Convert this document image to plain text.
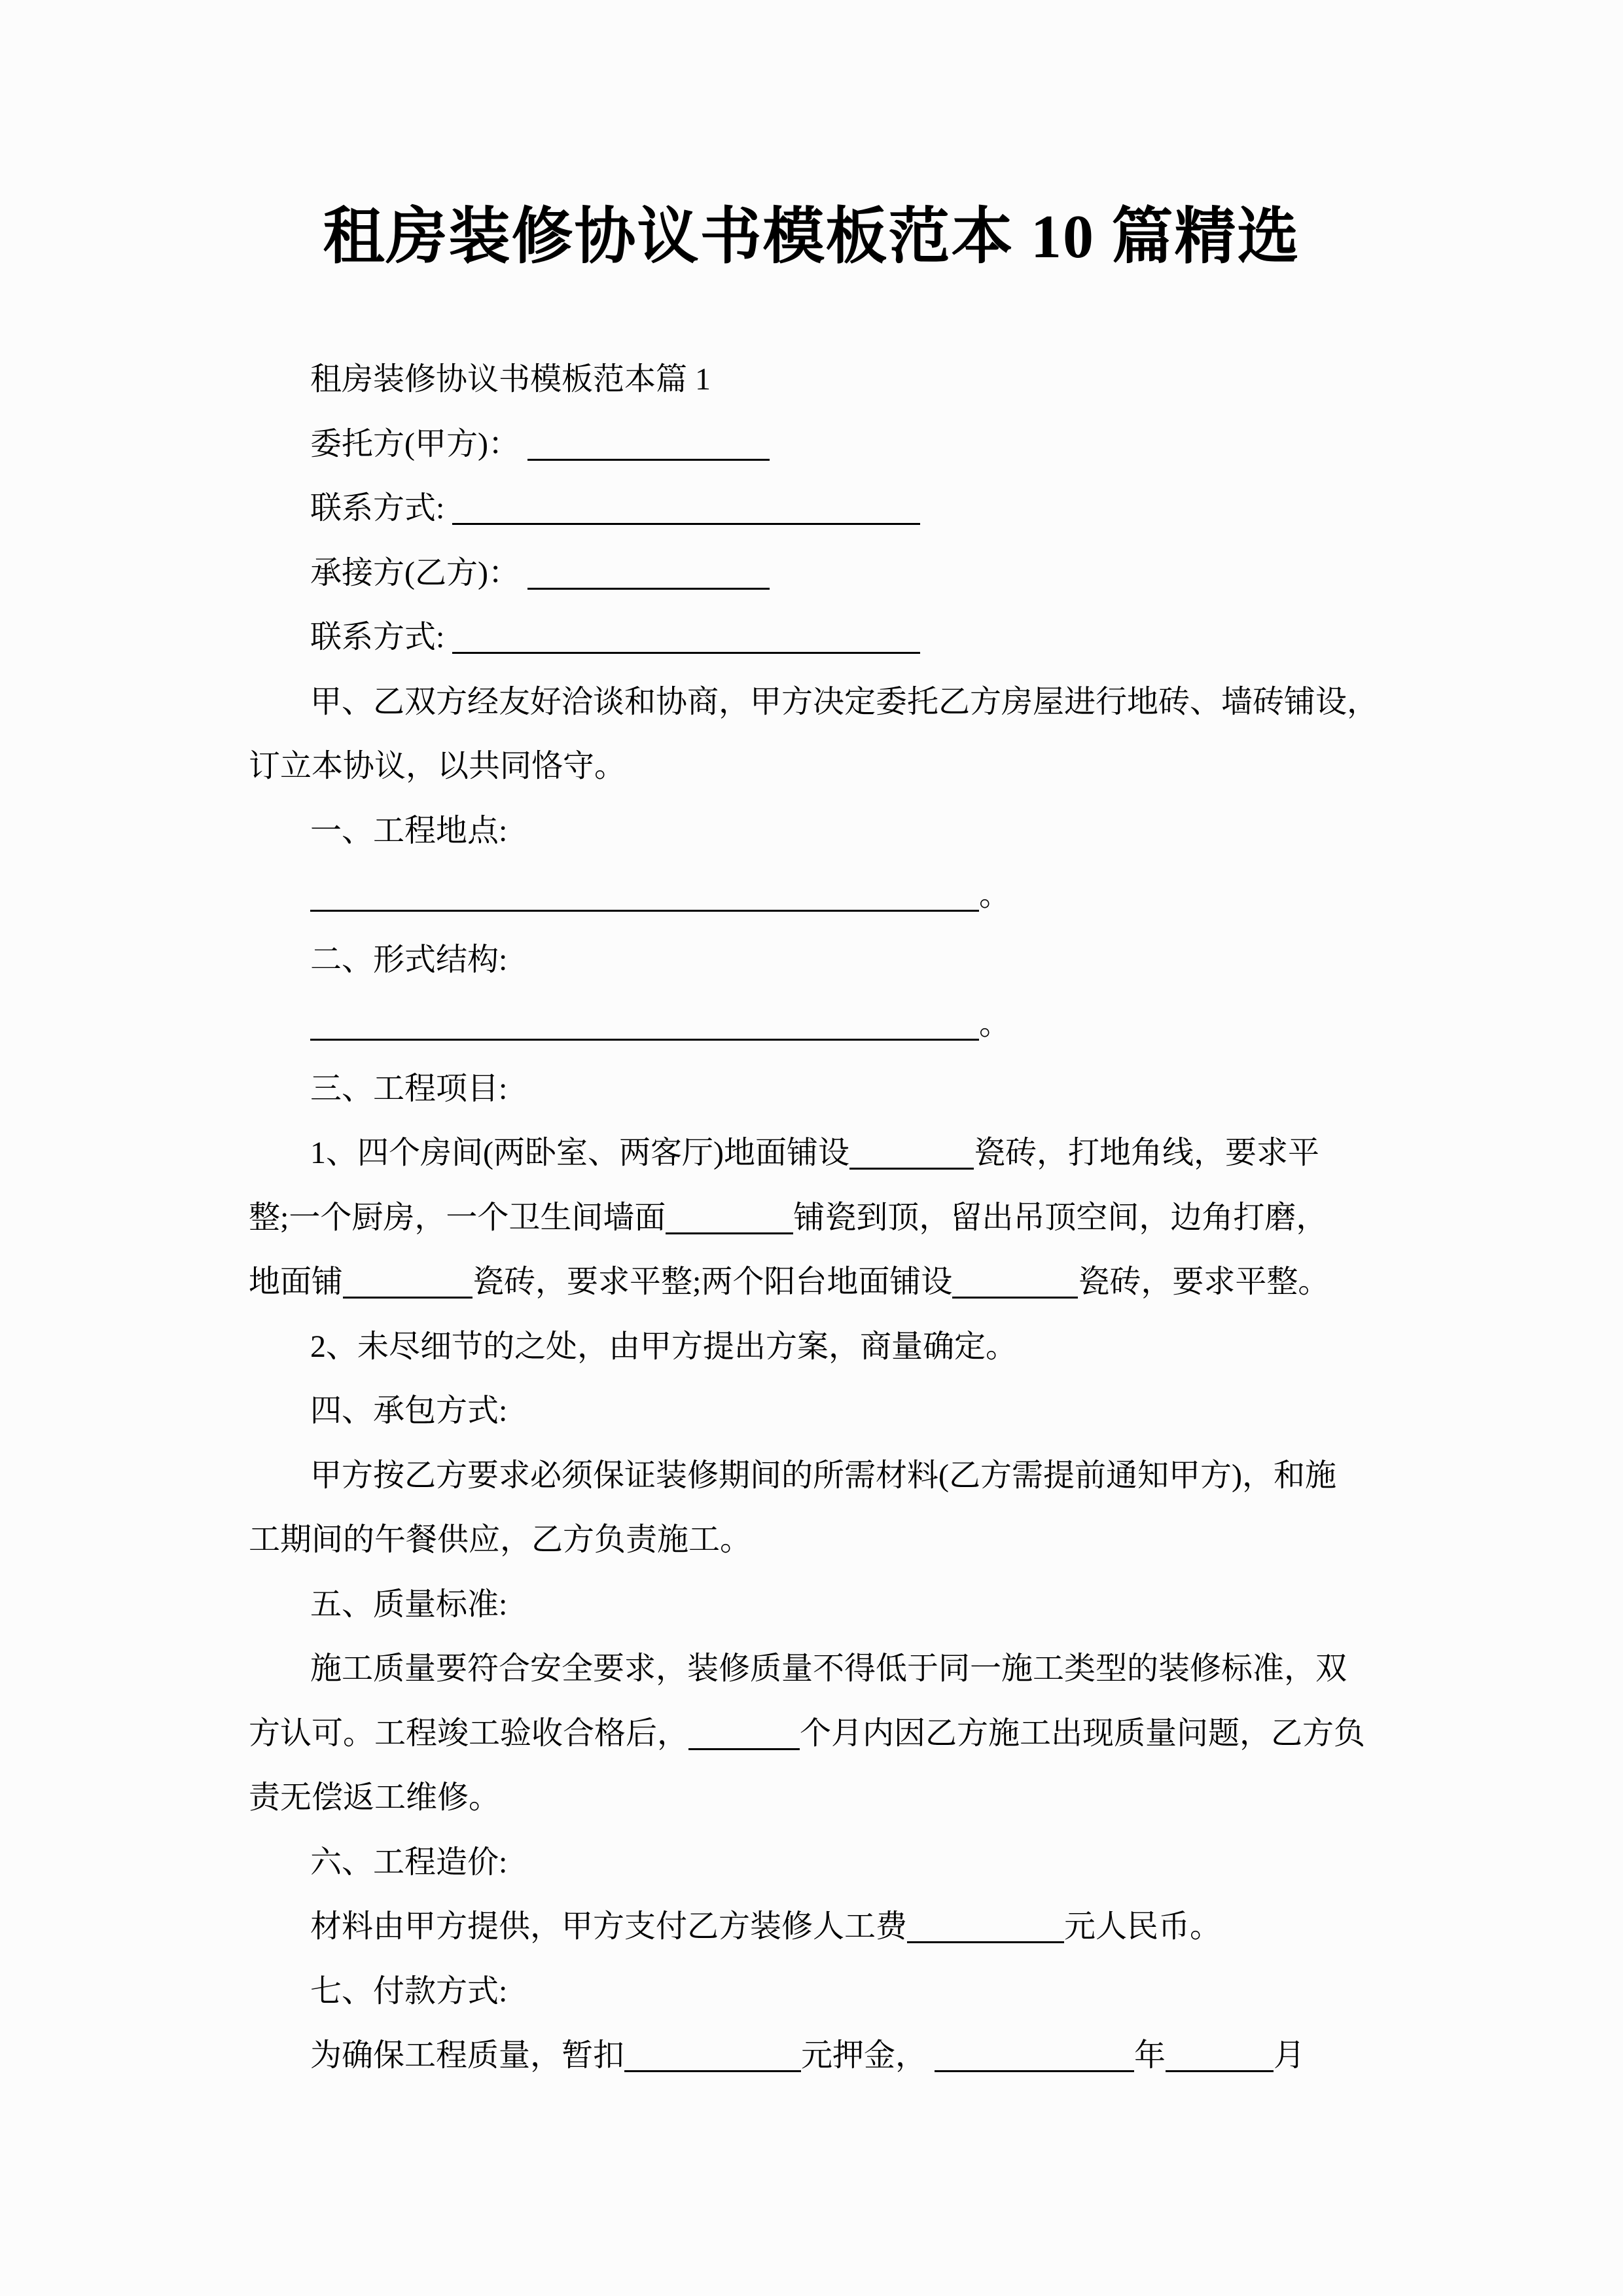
租房装修协议书模板范本 10 篇精选
租房装修协议书模板范本篇 1
委托方(甲方)：
联系方式:
承接方(乙方)：
联系方式:
甲、乙双方经友好洽谈和协商，甲方决定委托乙方房屋进行地砖、墙砖铺设，
订立本协议，以共同恪守。
一、工程地点:
。
二、形式结构:
。
三、工程项目:
1、四个房间(两卧室、两客厅)地面铺设	瓷砖，打地角线，要求平
整;一个厨房，一个卫生间墙面	铺瓷到顶，留出吊顶空间，边角打磨，
地面铺	瓷砖，要求平整;两个阳台地面铺设	瓷砖，要求平整。
2、未尽细节的之处，由甲方提出方案，商量确定。
四、承包方式:
甲方按乙方要求必须保证装修期间的所需材料(乙方需提前通知甲方)，和施
工期间的午餐供应，乙方负责施工。
五、质量标准:
施工质量要符合安全要求，装修质量不得低于同一施工类型的装修标准，双
方认可。工程竣工验收合格后，	个月内因乙方施工出现质量问题，乙方负
责无偿返工维修。
六、工程造价:
材料由甲方提供，甲方支付乙方装修人工费	元人民币。
七、付款方式:
为确保工程质量，暂扣	元押金，	年	月
